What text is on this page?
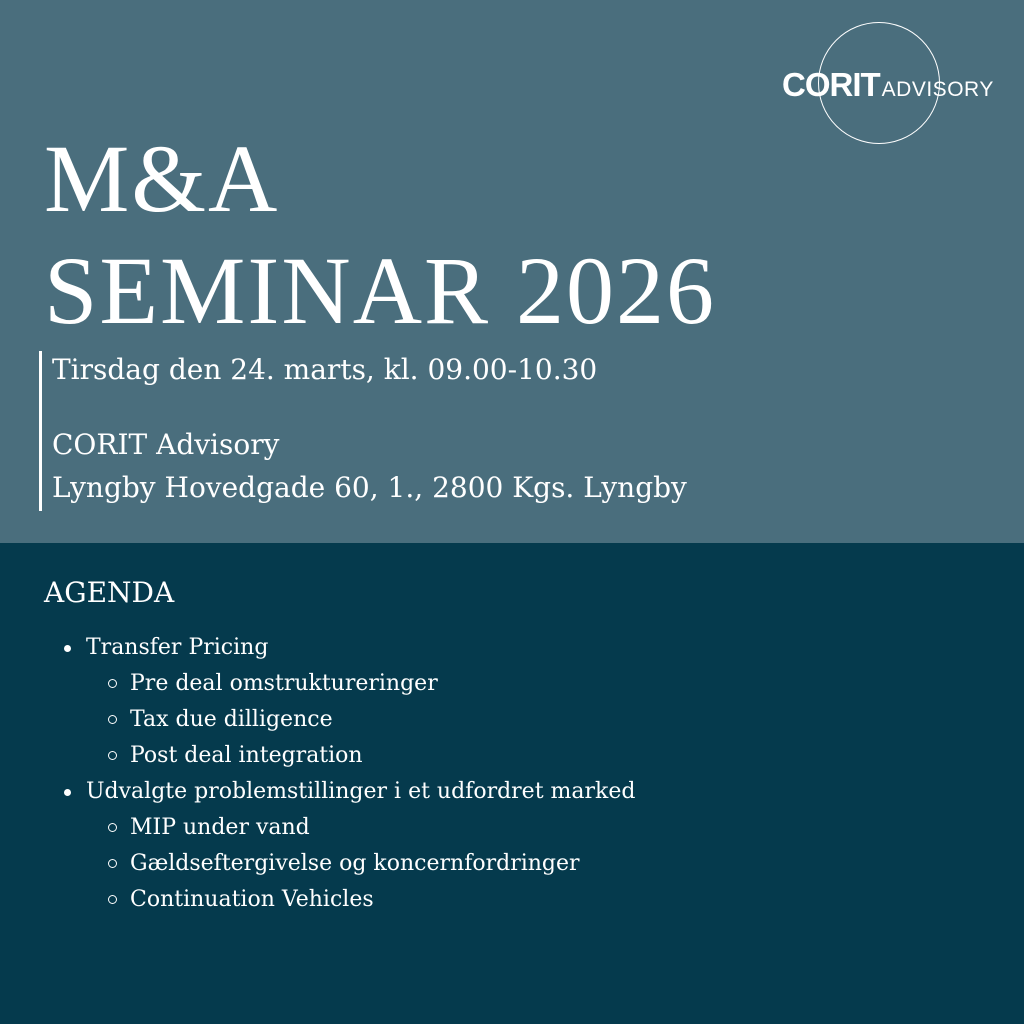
CORITADVISORY
M&A
SEMINAR 2026
Tirsdag den 24. marts, kl. 09.00-10.30
CORIT Advisory
Lyngby Hovedgade 60, 1., 2800 Kgs. Lyngby
AGENDA
Transfer Pricing
Pre deal omstruktureringer
Tax due dilligence
Post deal integration
Udvalgte problemstillinger i et udfordret marked
MIP under vand
Gældseftergivelse og koncernfordringer
Continuation Vehicles
